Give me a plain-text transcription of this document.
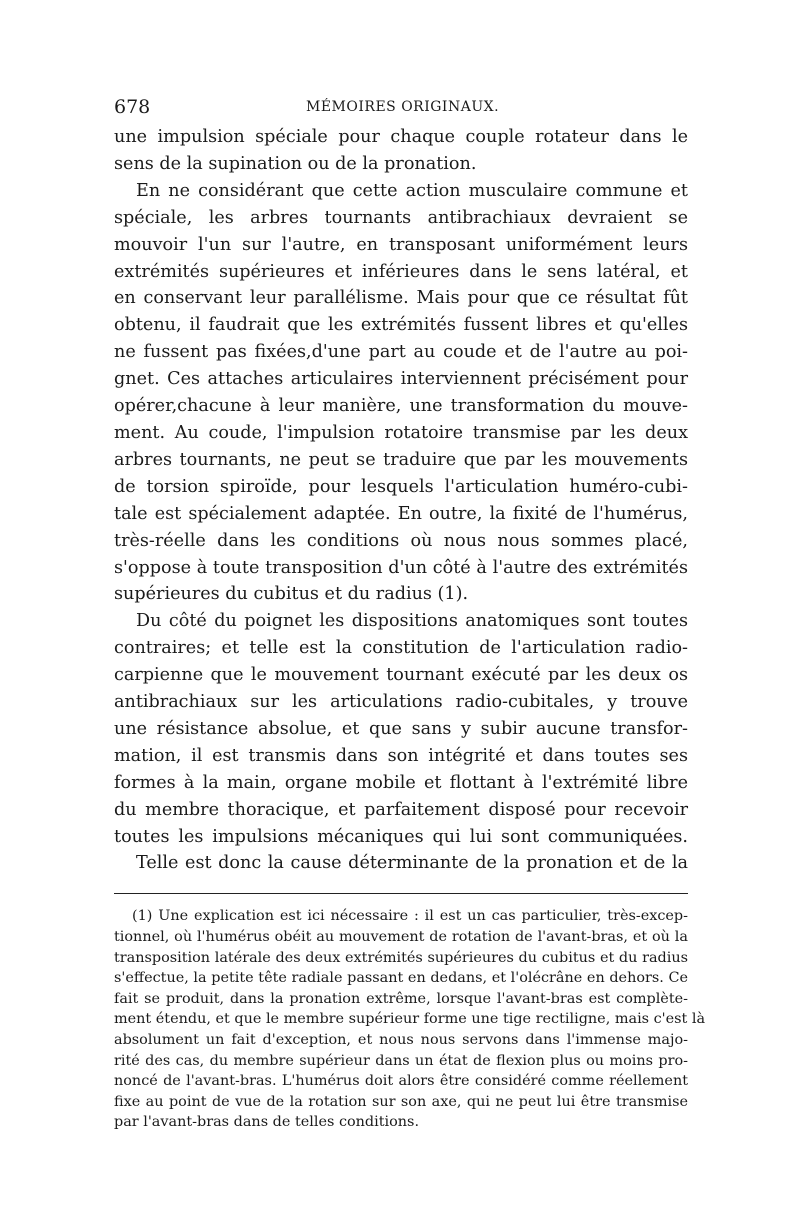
678	MÉMOIRES ORIGINAUX.
une impulsion spéciale pour chaque couple rotateur dans le
sens de la supination ou de la pronation.
En ne considérant que cette action musculaire commune et
spéciale, les arbres tournants antibrachiaux devraient se
mouvoir l'un sur l'autre, en transposant uniformément leurs
extrémités supérieures et inférieures dans le sens latéral, et
en conservant leur parallélisme. Mais pour que ce résultat fût
obtenu, il faudrait que les extrémités fussent libres et qu'elles
ne fussent pas fixées,d'une part au coude et de l'autre au poi-
gnet. Ces attaches articulaires interviennent précisément pour
opérer,chacune à leur manière, une transformation du mouve-
ment. Au coude, l'impulsion rotatoire transmise par les deux
arbres tournants, ne peut se traduire que par les mouvements
de torsion spiroïde, pour lesquels l'articulation huméro-cubi-
tale est spécialement adaptée. En outre, la fixité de l'humérus,
très-réelle dans les conditions où nous nous sommes placé,
s'oppose à toute transposition d'un côté à l'autre des extrémités
supérieures du cubitus et du radius (1).
Du côté du poignet les dispositions anatomiques sont toutes
contraires; et telle est la constitution de l'articulation radio-
carpienne que le mouvement tournant exécuté par les deux os
antibrachiaux sur les articulations radio-cubitales, y trouve
une résistance absolue, et que sans y subir aucune transfor-
mation, il est transmis dans son intégrité et dans toutes ses
formes à la main, organe mobile et flottant à l'extrémité libre
du membre thoracique, et parfaitement disposé pour recevoir
toutes les impulsions mécaniques qui lui sont communiquées.
Telle est donc la cause déterminante de la pronation et de la
(1) Une explication est ici nécessaire : il est un cas particulier, très-excep-
tionnel, où l'humérus obéit au mouvement de rotation de l'avant-bras, et où la
transposition latérale des deux extrémités supérieures du cubitus et du radius
s'effectue, la petite tête radiale passant en dedans, et l'olécrâne en dehors. Ce
fait se produit, dans la pronation extrême, lorsque l'avant-bras est complète-
ment étendu, et que le membre supérieur forme une tige rectiligne, mais c'est là
absolument un fait d'exception, et nous nous servons dans l'immense majo-
rité des cas, du membre supérieur dans un état de flexion plus ou moins pro-
noncé de l'avant-bras. L'humérus doit alors être considéré comme réellement
fixe au point de vue de la rotation sur son axe, qui ne peut lui être transmise
par l'avant-bras dans de telles conditions.
